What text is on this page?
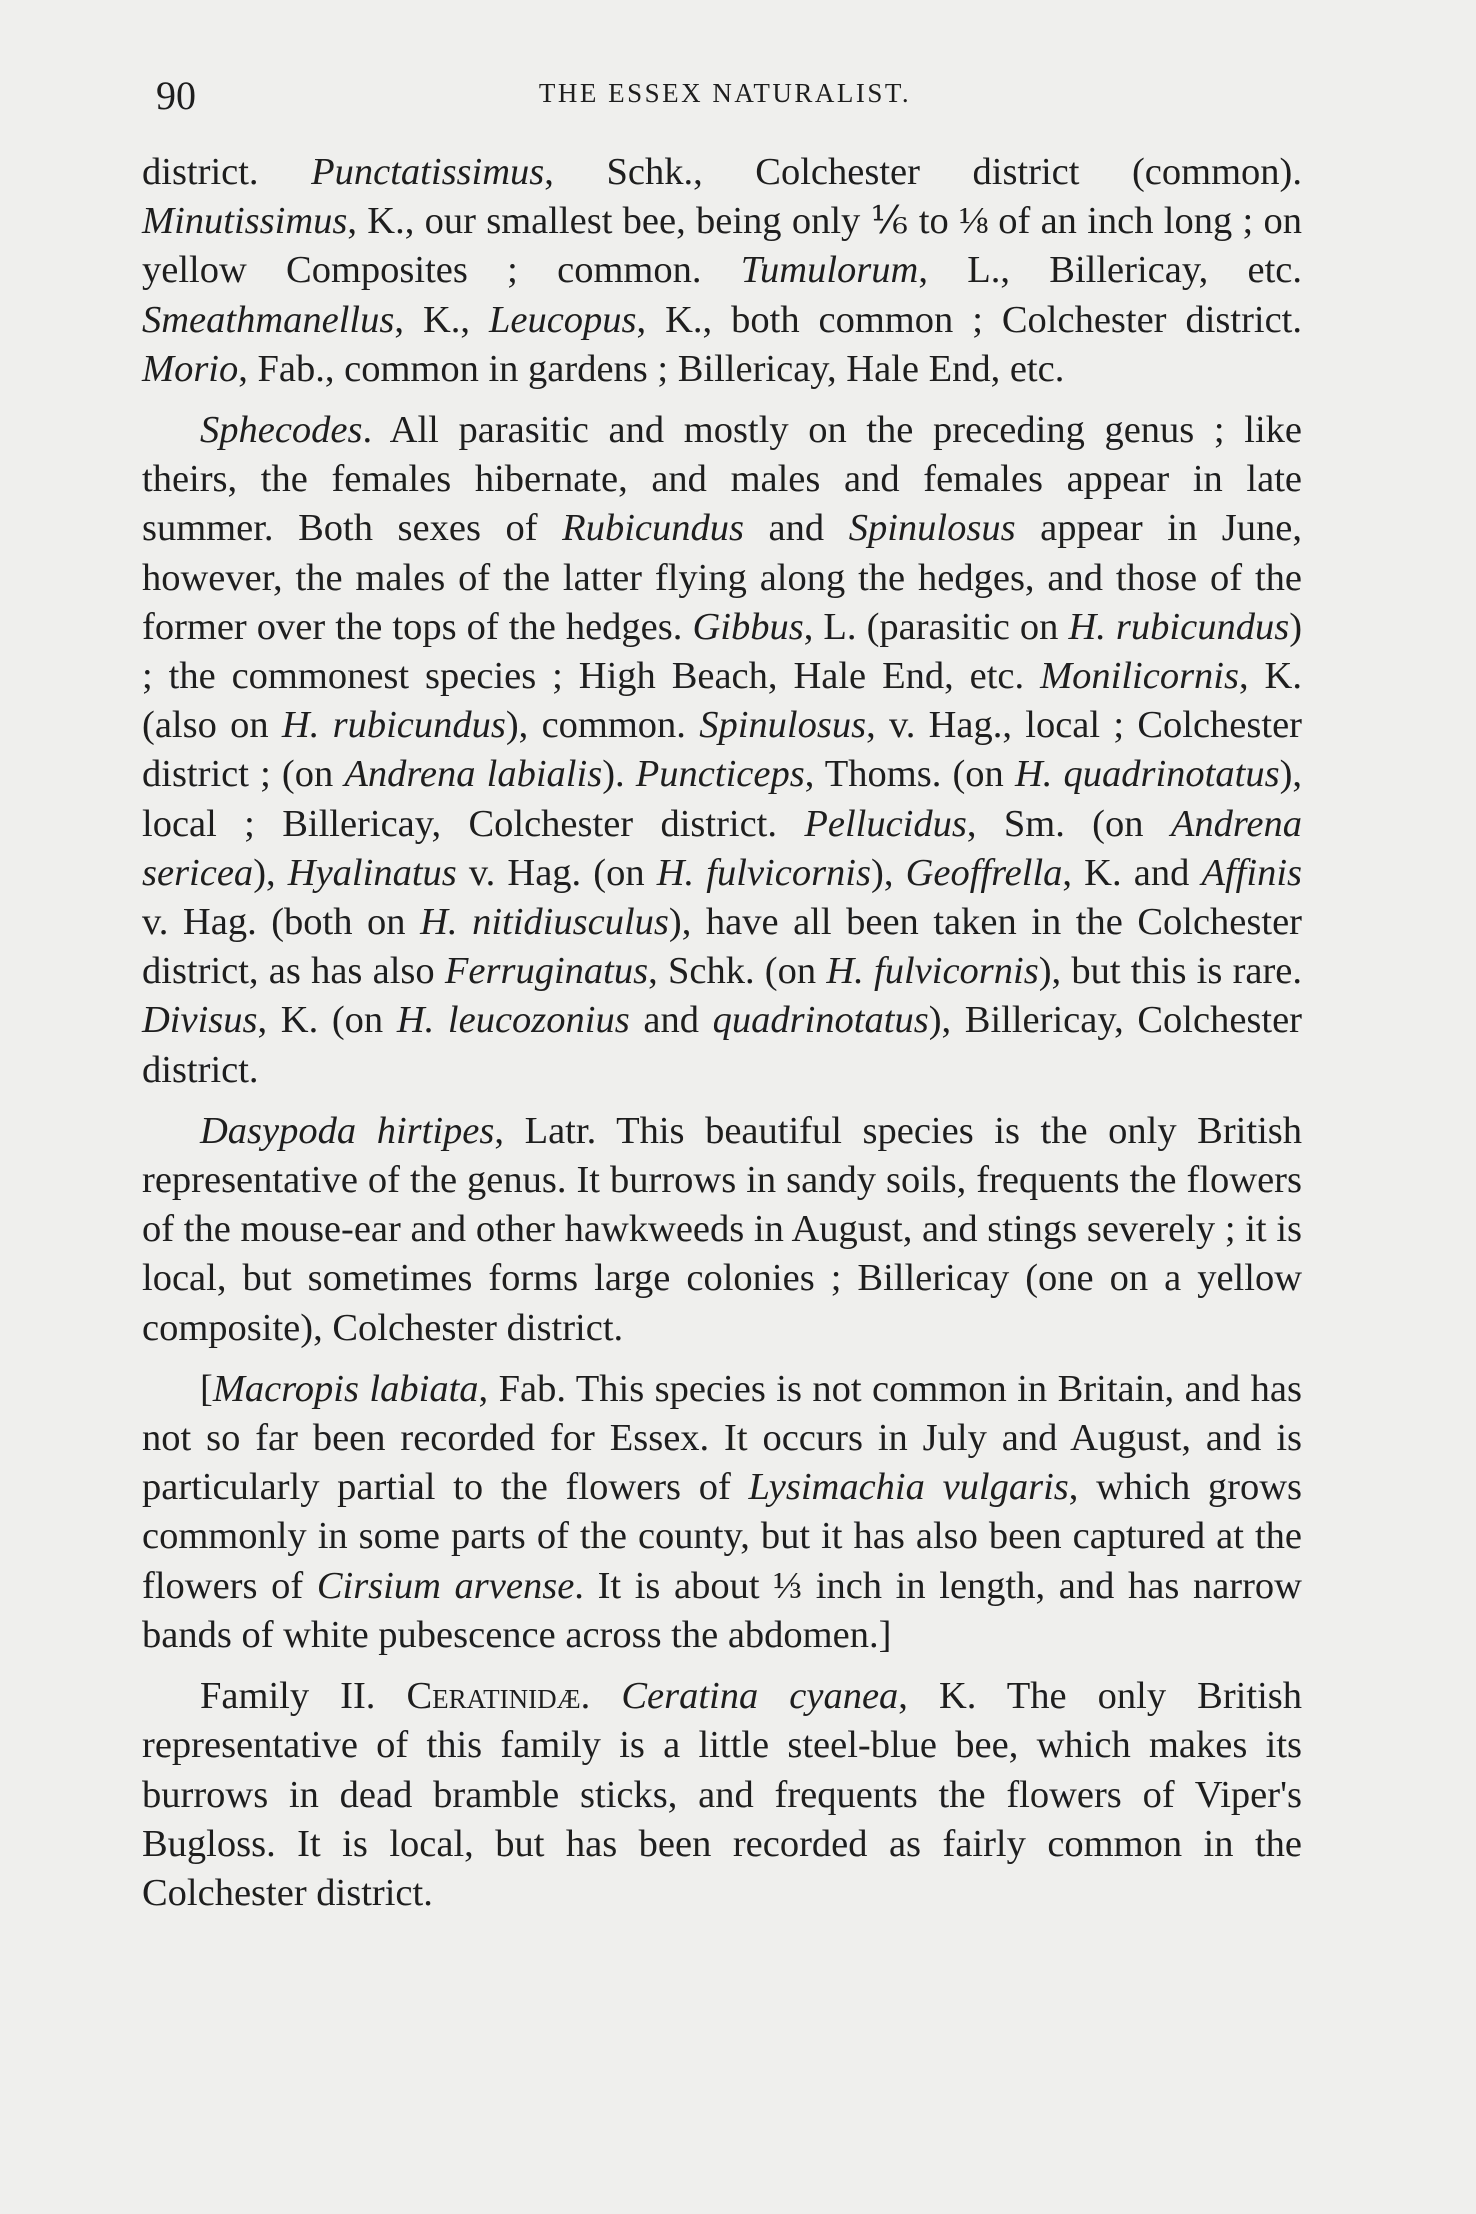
90	THE ESSEX NATURALIST.

district. Punctatissimus, Schk., Colchester district (common). Minutissimus, K., our smallest bee, being only ⅙ to ⅛ of an inch long ; on yellow Composites ; common. Tumulorum, L., Billericay, etc. Smeathmanellus, K., Leucopus, K., both common ; Colchester district. Morio, Fab., common in gardens ; Billericay, Hale End, etc.

Sphecodes. All parasitic and mostly on the preceding genus ; like theirs, the females hibernate, and males and females appear in late summer. Both sexes of Rubicundus and Spinulosus appear in June, however, the males of the latter flying along the hedges, and those of the former over the tops of the hedges. Gibbus, L. (parasitic on H. rubicundus) ; the commonest species ; High Beach, Hale End, etc. Monilicornis, K. (also on H. rubicundus), common. Spinulosus, v. Hag., local ; Colchester district ; (on Andrena labialis). Puncticeps, Thoms. (on H. quadrinotatus), local ; Billericay, Colchester district. Pellucidus, Sm. (on Andrena sericea), Hyalinatus v. Hag. (on H. fulvicornis), Geoffrella, K. and Affinis v. Hag. (both on H. nitidiusculus), have all been taken in the Colchester district, as has also Ferruginatus, Schk. (on H. fulvicornis), but this is rare. Divisus, K. (on H. leucozonius and quadrinotatus), Billericay, Colchester district.

Dasypoda hirtipes, Latr. This beautiful species is the only British representative of the genus. It burrows in sandy soils, frequents the flowers of the mouse-ear and other hawkweeds in August, and stings severely ; it is local, but sometimes forms large colonies ; Billericay (one on a yellow composite), Colchester district.

[Macropis labiata, Fab. This species is not common in Britain, and has not so far been recorded for Essex. It occurs in July and August, and is particularly partial to the flowers of Lysimachia vulgaris, which grows commonly in some parts of the county, but it has also been captured at the flowers of Cirsium arvense. It is about ⅓ inch in length, and has narrow bands of white pubescence across the abdomen.]

Family II. Ceratinidæ. Ceratina cyanea, K. The only British representative of this family is a little steel-blue bee, which makes its burrows in dead bramble sticks, and frequents the flowers of Viper's Bugloss. It is local, but has been recorded as fairly common in the Colchester district.
